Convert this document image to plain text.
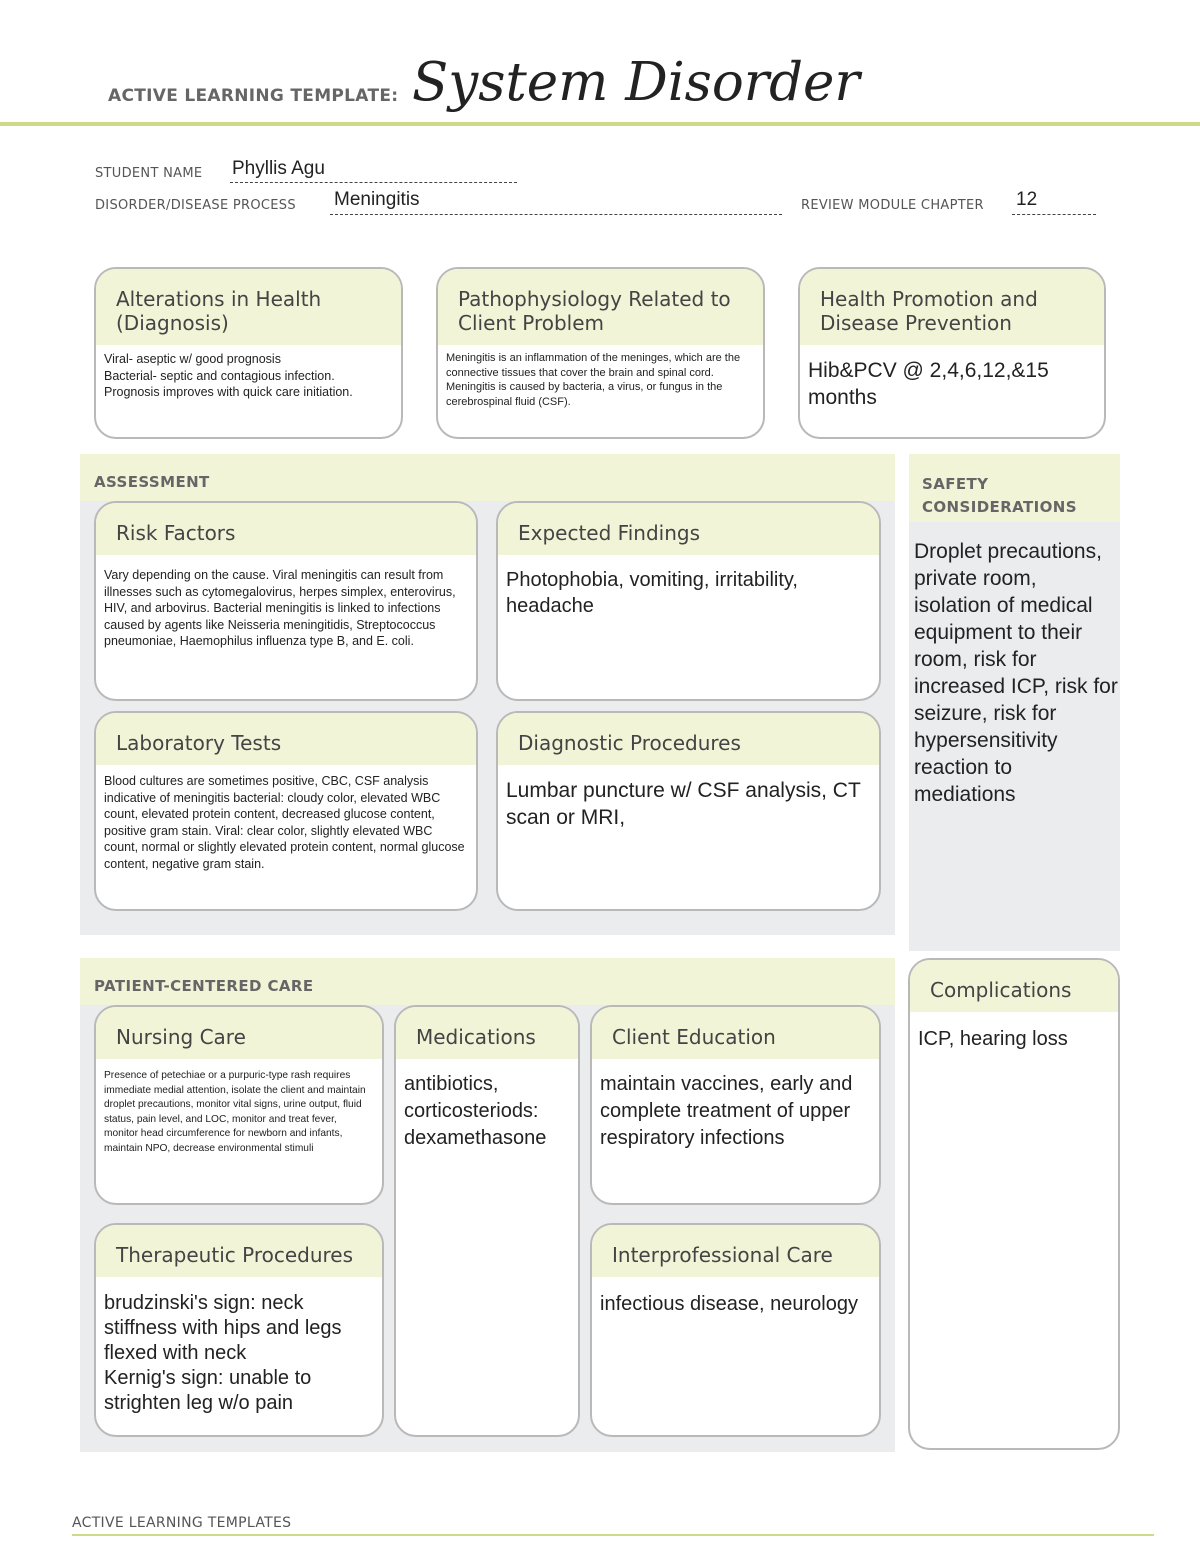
ACTIVE LEARNING TEMPLATE: System Disorder
STUDENT NAME Phyllis Agu
DISORDER/DISEASE PROCESS Meningitis	REVIEW MODULE CHAPTER 12
Alterations in Health (Diagnosis)
Viral- aseptic w/ good prognosis
Bacterial- septic and contagious infection.
Prognosis improves with quick care initiation.
Pathophysiology Related to Client Problem
Meningitis is an inflammation of the meninges, which are the connective tissues that cover the brain and spinal cord. Meningitis is caused by bacteria, a virus, or fungus in the cerebrospinal fluid (CSF).
Health Promotion and Disease Prevention
Hib&PCV @ 2,4,6,12,&15 months
ASSESSMENT
Risk Factors
Vary depending on the cause. Viral meningitis can result from illnesses such as cytomegalovirus, herpes simplex, enterovirus, HIV, and arbovirus. Bacterial meningitis is linked to infections caused by agents like Neisseria meningitidis, Streptococcus pneumoniae, Haemophilus influenza type B, and E. coli.
Expected Findings
Photophobia, vomiting, irritability, headache
Laboratory Tests
Blood cultures are sometimes positive, CBC, CSF analysis indicative of meningitis bacterial: cloudy color, elevated WBC count, elevated protein content, decreased glucose content, positive gram stain. Viral: clear color, slightly elevated WBC count, normal or slightly elevated protein content, normal glucose content, negative gram stain.
Diagnostic Procedures
Lumbar puncture w/ CSF analysis, CT scan or MRI,
SAFETY CONSIDERATIONS
Droplet precautions, private room, isolation of medical equipment to their room, risk for increased ICP, risk for seizure, risk for hypersensitivity reaction to mediations
PATIENT-CENTERED CARE
Nursing Care
Presence of petechiae or a purpuric-type rash requires immediate medial attention, isolate the client and maintain droplet precautions, monitor vital signs, urine output, fluid status, pain level, and LOC, monitor and treat fever, monitor head circumference for newborn and infants, maintain NPO, decrease environmental stimuli
Medications
antibiotics, corticosteriods: dexamethasone
Client Education
maintain vaccines, early and complete treatment of upper respiratory infections
Therapeutic Procedures
brudzinski's sign: neck stiffness with hips and legs flexed with neck
Kernig's sign: unable to strighten leg w/o pain
Interprofessional Care
infectious disease, neurology
Complications
ICP, hearing loss
ACTIVE LEARNING TEMPLATES
